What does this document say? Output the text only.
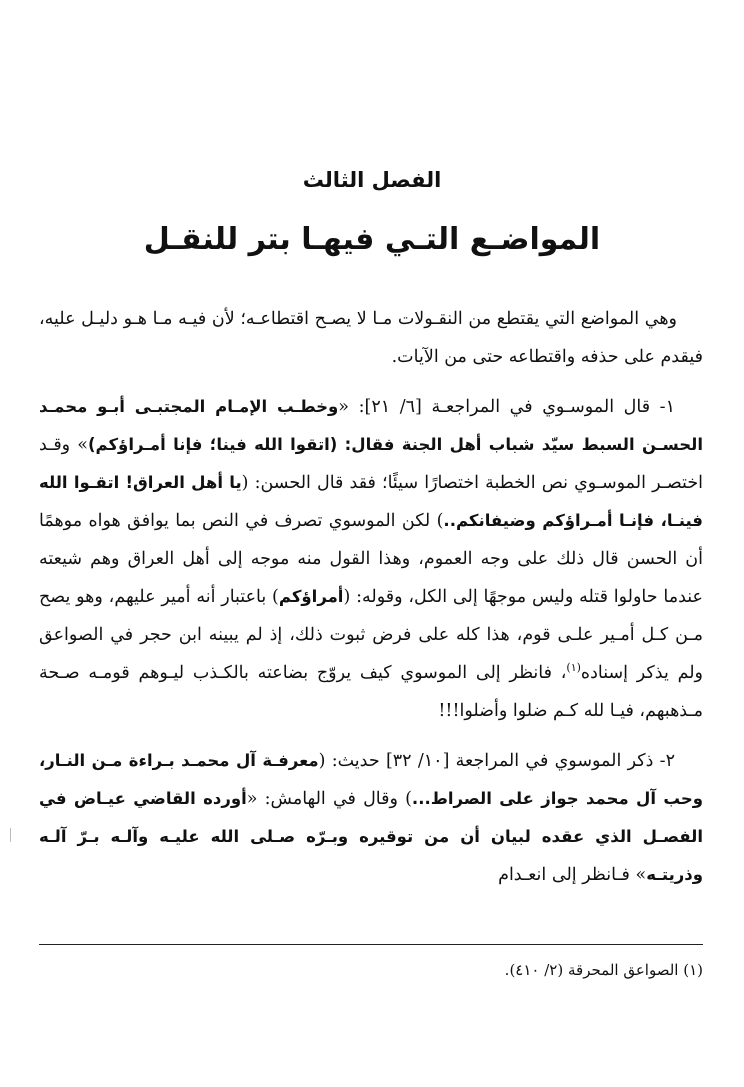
الفصل الثالث
المواضـع التـي فيهـا بتر للنقـل

وهي المواضع التي يقتطع من النقـولات مـا لا يصـح اقتطاعـه؛ لأن فيـه مـا هـو دليـل عليه، فيقدم على حذفه واقتطاعه حتى من الآيات.

١- قال الموسـوي في المراجعـة [٦/ ٢١]: «وخطـب الإمـام المجتبـى أبـو محمـد الحسـن السبط سيّد شباب أهل الجنة فقال: (اتقوا الله فينا؛ فإنا أمـراؤكم)» وقـد اختصـر الموسـوي نص الخطبة اختصارًا سيئًا؛ فقد قال الحسن: (يا أهل العراق! اتقـوا الله فينـا، فإنـا أمـراؤكم وضيفانكم..) لكن الموسوي تصرف في النص بما يوافق هواه موهمًا أن الحسن قال ذلك على وجه العموم، وهذا القول منه موجه إلى أهل العراق وهم شيعته عندما حاولوا قتله وليس موجهًا إلى الكل، وقوله: (أمراؤكم) باعتبار أنه أمير عليهم، وهو يصح مـن كـل أمـير علـى قوم، هذا كله على فرض ثبوت ذلك، إذ لم يبينه ابن حجر في الصواعق ولم يذكر إسناده$^{(١)}$، فانظر إلى الموسوي كيف يروّج بضاعته بالكـذب ليـوهم قومـه صـحة مـذهبهم، فيـا لله كـم ضلوا وأضلوا!!!

٢- ذكر الموسوي في المراجعة [١٠/ ٣٢] حديث: (معرفـة آل محمـد بـراءة مـن النـار، وحب آل محمد جواز على الصراط...) وقال في الهامش: «أورده القاضي عيـاض في الفصـل الذي عقده لبيان أن من توقيره وبـرّه صـلى الله عليـه وآلـه بـرّ آلـه وذريتـه» فـانظر إلى انعـدام

(١) الصواعق المحرقة (٢/ ٤١٠).
